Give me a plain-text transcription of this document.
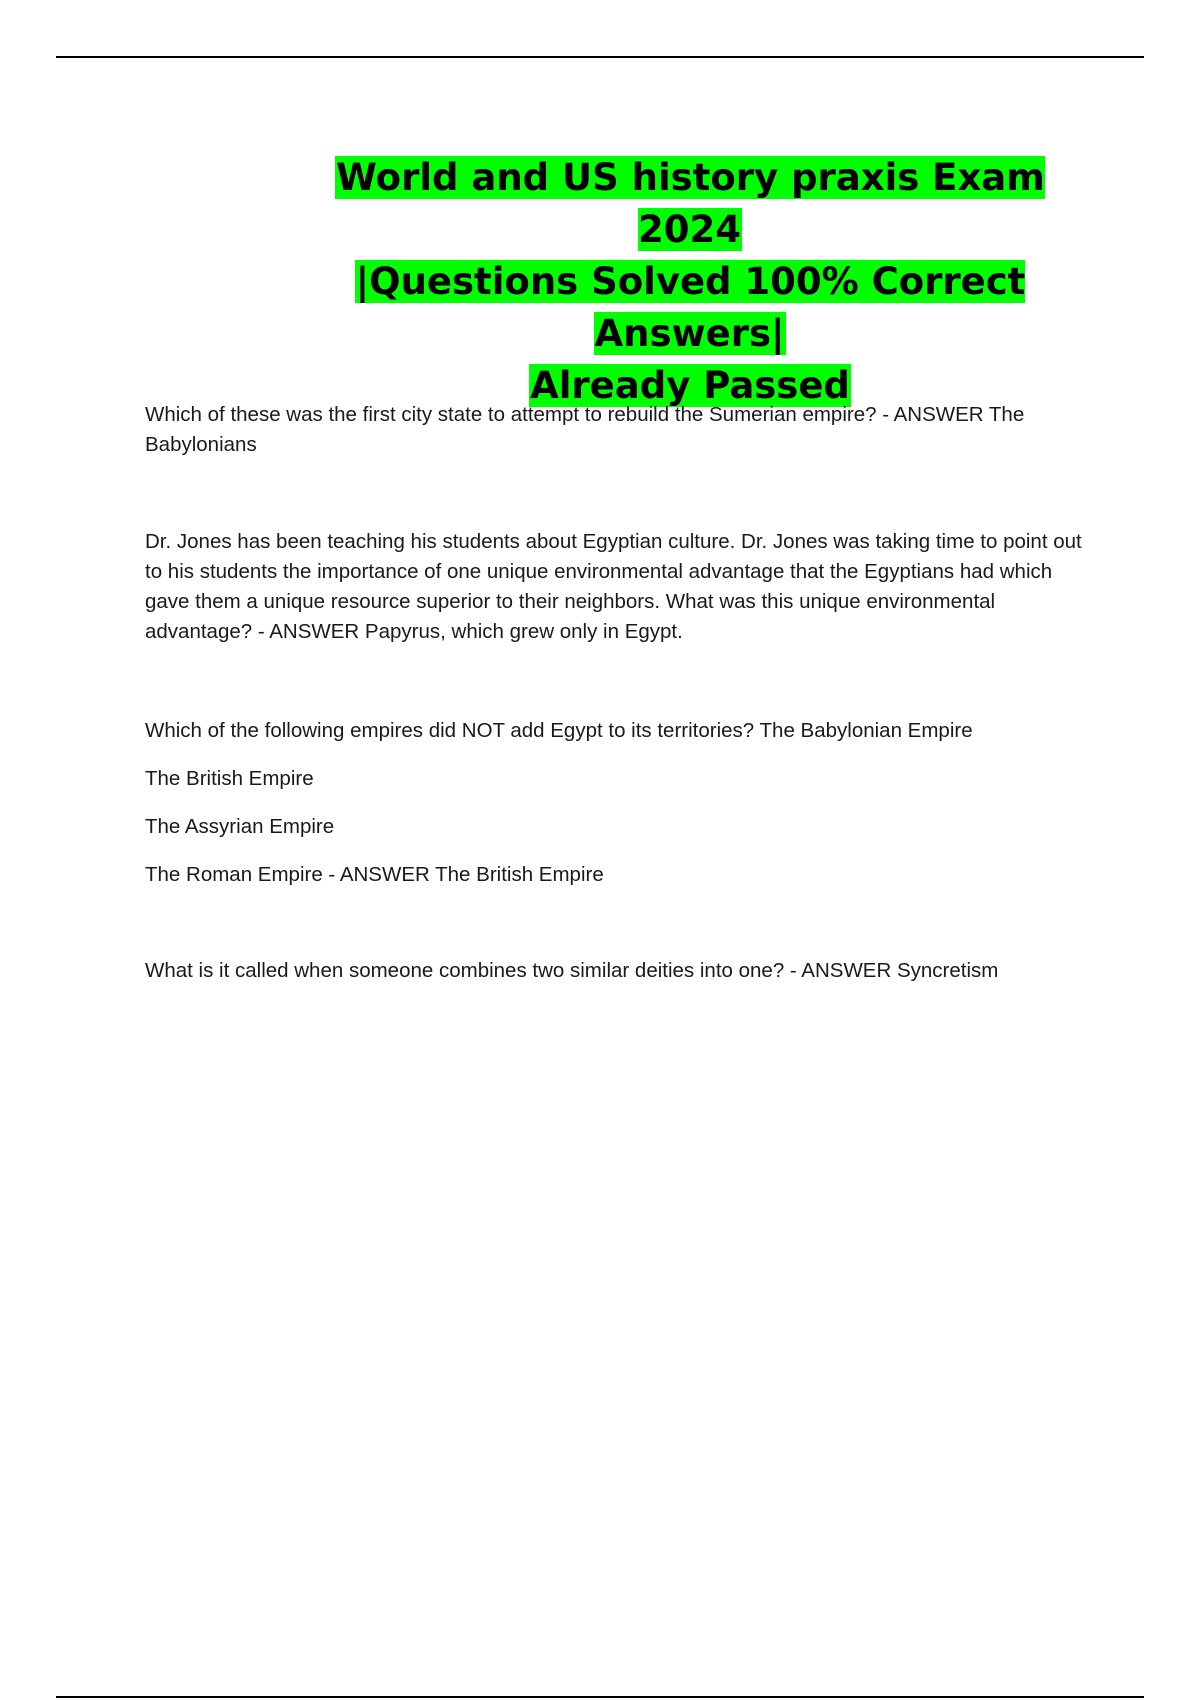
World and US history praxis Exam 2024
|Questions Solved 100% Correct Answers|
Already Passed

Which of these was the first city state to attempt to rebuild the Sumerian empire? - ANSWER The Babylonians

Dr. Jones has been teaching his students about Egyptian culture. Dr. Jones was taking time to point out to his students the importance of one unique environmental advantage that the Egyptians had which gave them a unique resource superior to their neighbors. What was this unique environmental advantage? - ANSWER Papyrus, which grew only in Egypt.

Which of the following empires did NOT add Egypt to its territories? The Babylonian Empire

The British Empire

The Assyrian Empire

The Roman Empire - ANSWER The British Empire

What is it called when someone combines two similar deities into one? - ANSWER Syncretism
